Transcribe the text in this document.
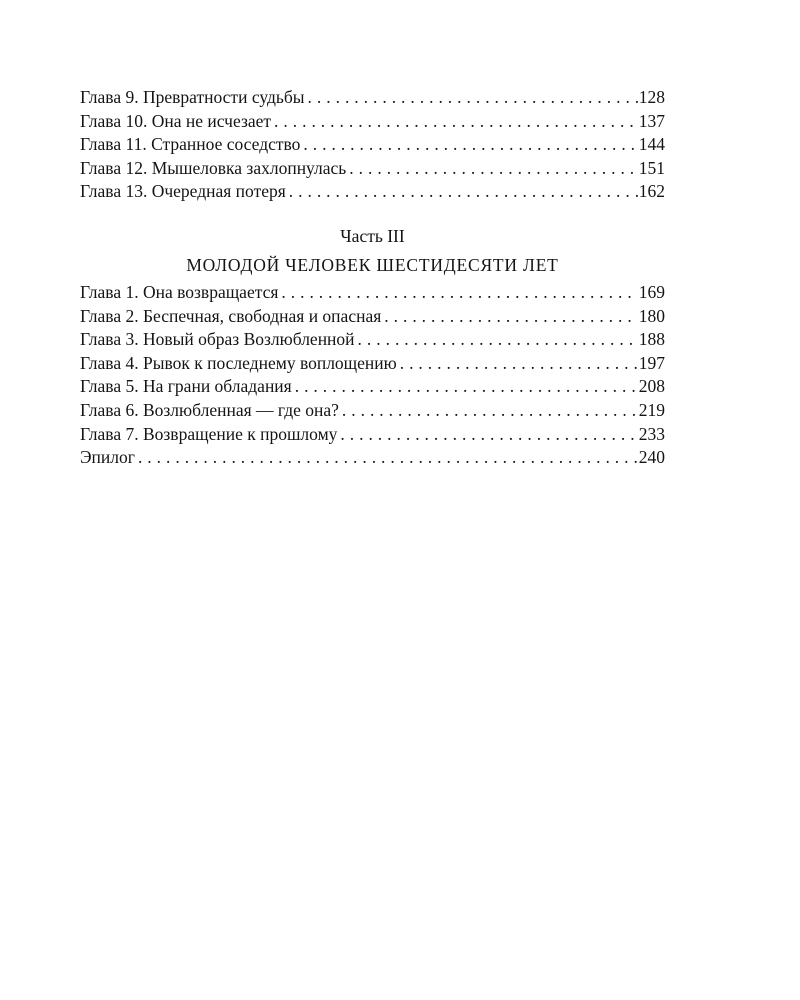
Глава 9. Превратности судьбы . . .	128
Глава 10. Она не исчезает . . .	137
Глава 11. Странное соседство . . .	144
Глава 12. Мышеловка захлопнулась . . .	151
Глава 13. Очередная потеря . . .	162
Часть III
МОЛОДОЙ ЧЕЛОВЕК ШЕСТИДЕСЯТИ ЛЕТ
Глава 1. Она возвращается . . .	169
Глава 2. Беспечная, свободная и опасная . . .	180
Глава 3. Новый образ Возлюбленной . . .	188
Глава 4. Рывок к последнему воплощению . . .	197
Глава 5. На грани обладания . . .	208
Глава 6. Возлюбленная — где она? . . .	219
Глава 7. Возвращение к прошлому . . .	233
Эпилог . . .	240
